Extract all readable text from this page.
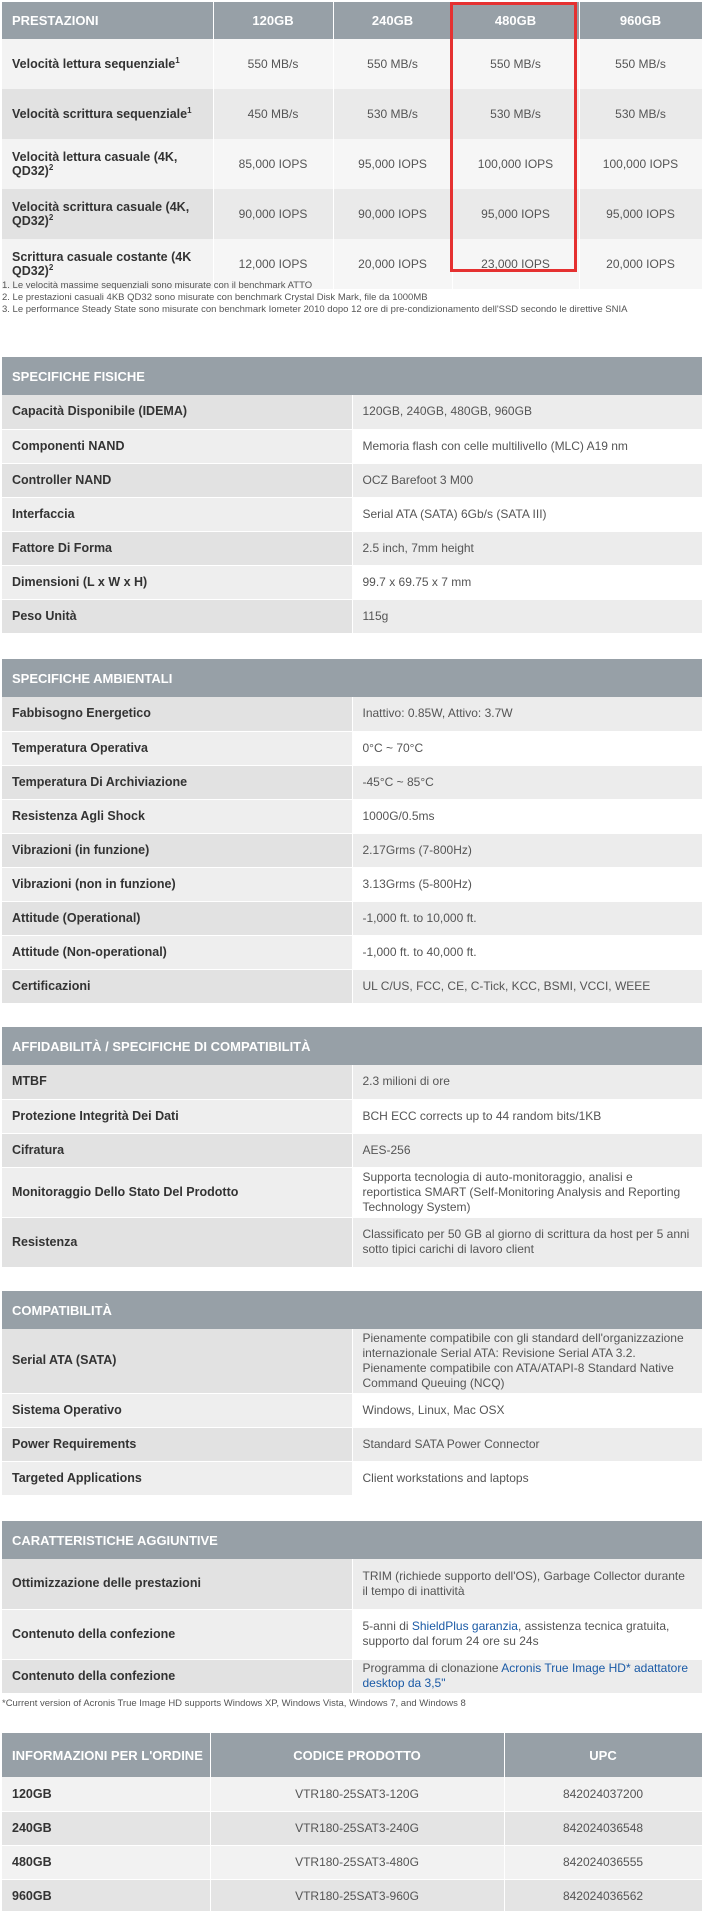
PRESTAZIONI	120GB	240GB	480GB	960GB
Velocità lettura sequenziale$^1$	550 MB/s	550 MB/s	550 MB/s	550 MB/s
Velocità scrittura sequenziale$^1$	450 MB/s	530 MB/s	530 MB/s	530 MB/s
Velocità lettura casuale (4K, QD32)$^2$	85,000 IOPS	95,000 IOPS	100,000 IOPS	100,000 IOPS
Velocità scrittura casuale (4K, QD32)$^2$	90,000 IOPS	90,000 IOPS	95,000 IOPS	95,000 IOPS
Scrittura casuale costante (4K QD32)$^2$	12,000 IOPS	20,000 IOPS	23,000 IOPS	20,000 IOPS
1. Le velocità massime sequenziali sono misurate con il benchmark ATTO
2. Le prestazioni casuali 4KB QD32 sono misurate con benchmark Crystal Disk Mark, file da 1000MB
3. Le performance Steady State sono misurate con benchmark Iometer 2010 dopo 12 ore di pre-condizionamento dell'SSD secondo le direttive SNIA
SPECIFICHE FISICHE	
Capacità Disponibile (IDEMA)	120GB, 240GB, 480GB, 960GB
Componenti NAND	Memoria flash con celle multilivello (MLC) A19 nm
Controller NAND	OCZ Barefoot 3 M00
Interfaccia	Serial ATA (SATA) 6Gb/s (SATA III)
Fattore Di Forma	2.5 inch, 7mm height
Dimensioni (L x W x H)	99.7 x 69.75 x 7 mm
Peso Unità	115g
SPECIFICHE AMBIENTALI	
Fabbisogno Energetico	Inattivo: 0.85W, Attivo: 3.7W
Temperatura Operativa	0°C ~ 70°C
Temperatura Di Archiviazione	-45°C ~ 85°C
Resistenza Agli Shock	1000G/0.5ms
Vibrazioni (in funzione)	2.17Grms (7-800Hz)
Vibrazioni (non in funzione)	3.13Grms (5-800Hz)
Attitude (Operational)	-1,000 ft. to 10,000 ft.
Attitude (Non-operational)	-1,000 ft. to 40,000 ft.
Certificazioni	UL C/US, FCC, CE, C-Tick, KCC, BSMI, VCCI, WEEE
AFFIDABILITÀ / SPECIFICHE DI COMPATIBILITÀ	
MTBF	2.3 milioni di ore
Protezione Integrità Dei Dati	BCH ECC corrects up to 44 random bits/1KB
Cifratura	AES-256
Monitoraggio Dello Stato Del Prodotto	Supporta tecnologia di auto-monitoraggio, analisi e reportistica SMART (Self-Monitoring Analysis and Reporting Technology System)
Resistenza	Classificato per 50 GB al giorno di scrittura da host per 5 anni sotto tipici carichi di lavoro client
COMPATIBILITÀ	
Serial ATA (SATA)	Pienamente compatibile con gli standard dell'organizzazione internazionale Serial ATA: Revisione Serial ATA 3.2. Pienamente compatibile con ATA/ATAPI-8 Standard Native Command Queuing (NCQ)
Sistema Operativo	Windows, Linux, Mac OSX
Power Requirements	Standard SATA Power Connector
Targeted Applications	Client workstations and laptops
CARATTERISTICHE AGGIUNTIVE	
Ottimizzazione delle prestazioni	TRIM (richiede supporto dell'OS), Garbage Collector durante il tempo di inattività
Contenuto della confezione	5-anni di ShieldPlus garanzia, assistenza tecnica gratuita, supporto dal forum 24 ore su 24s
Contenuto della confezione	Programma di clonazione Acronis True Image HD* adattatore desktop da 3,5"
*Current version of Acronis True Image HD supports Windows XP, Windows Vista, Windows 7, and Windows 8
INFORMAZIONI PER L'ORDINE	CODICE PRODOTTO	UPC
120GB	VTR180-25SAT3-120G	842024037200
240GB	VTR180-25SAT3-240G	842024036548
480GB	VTR180-25SAT3-480G	842024036555
960GB	VTR180-25SAT3-960G	842024036562
